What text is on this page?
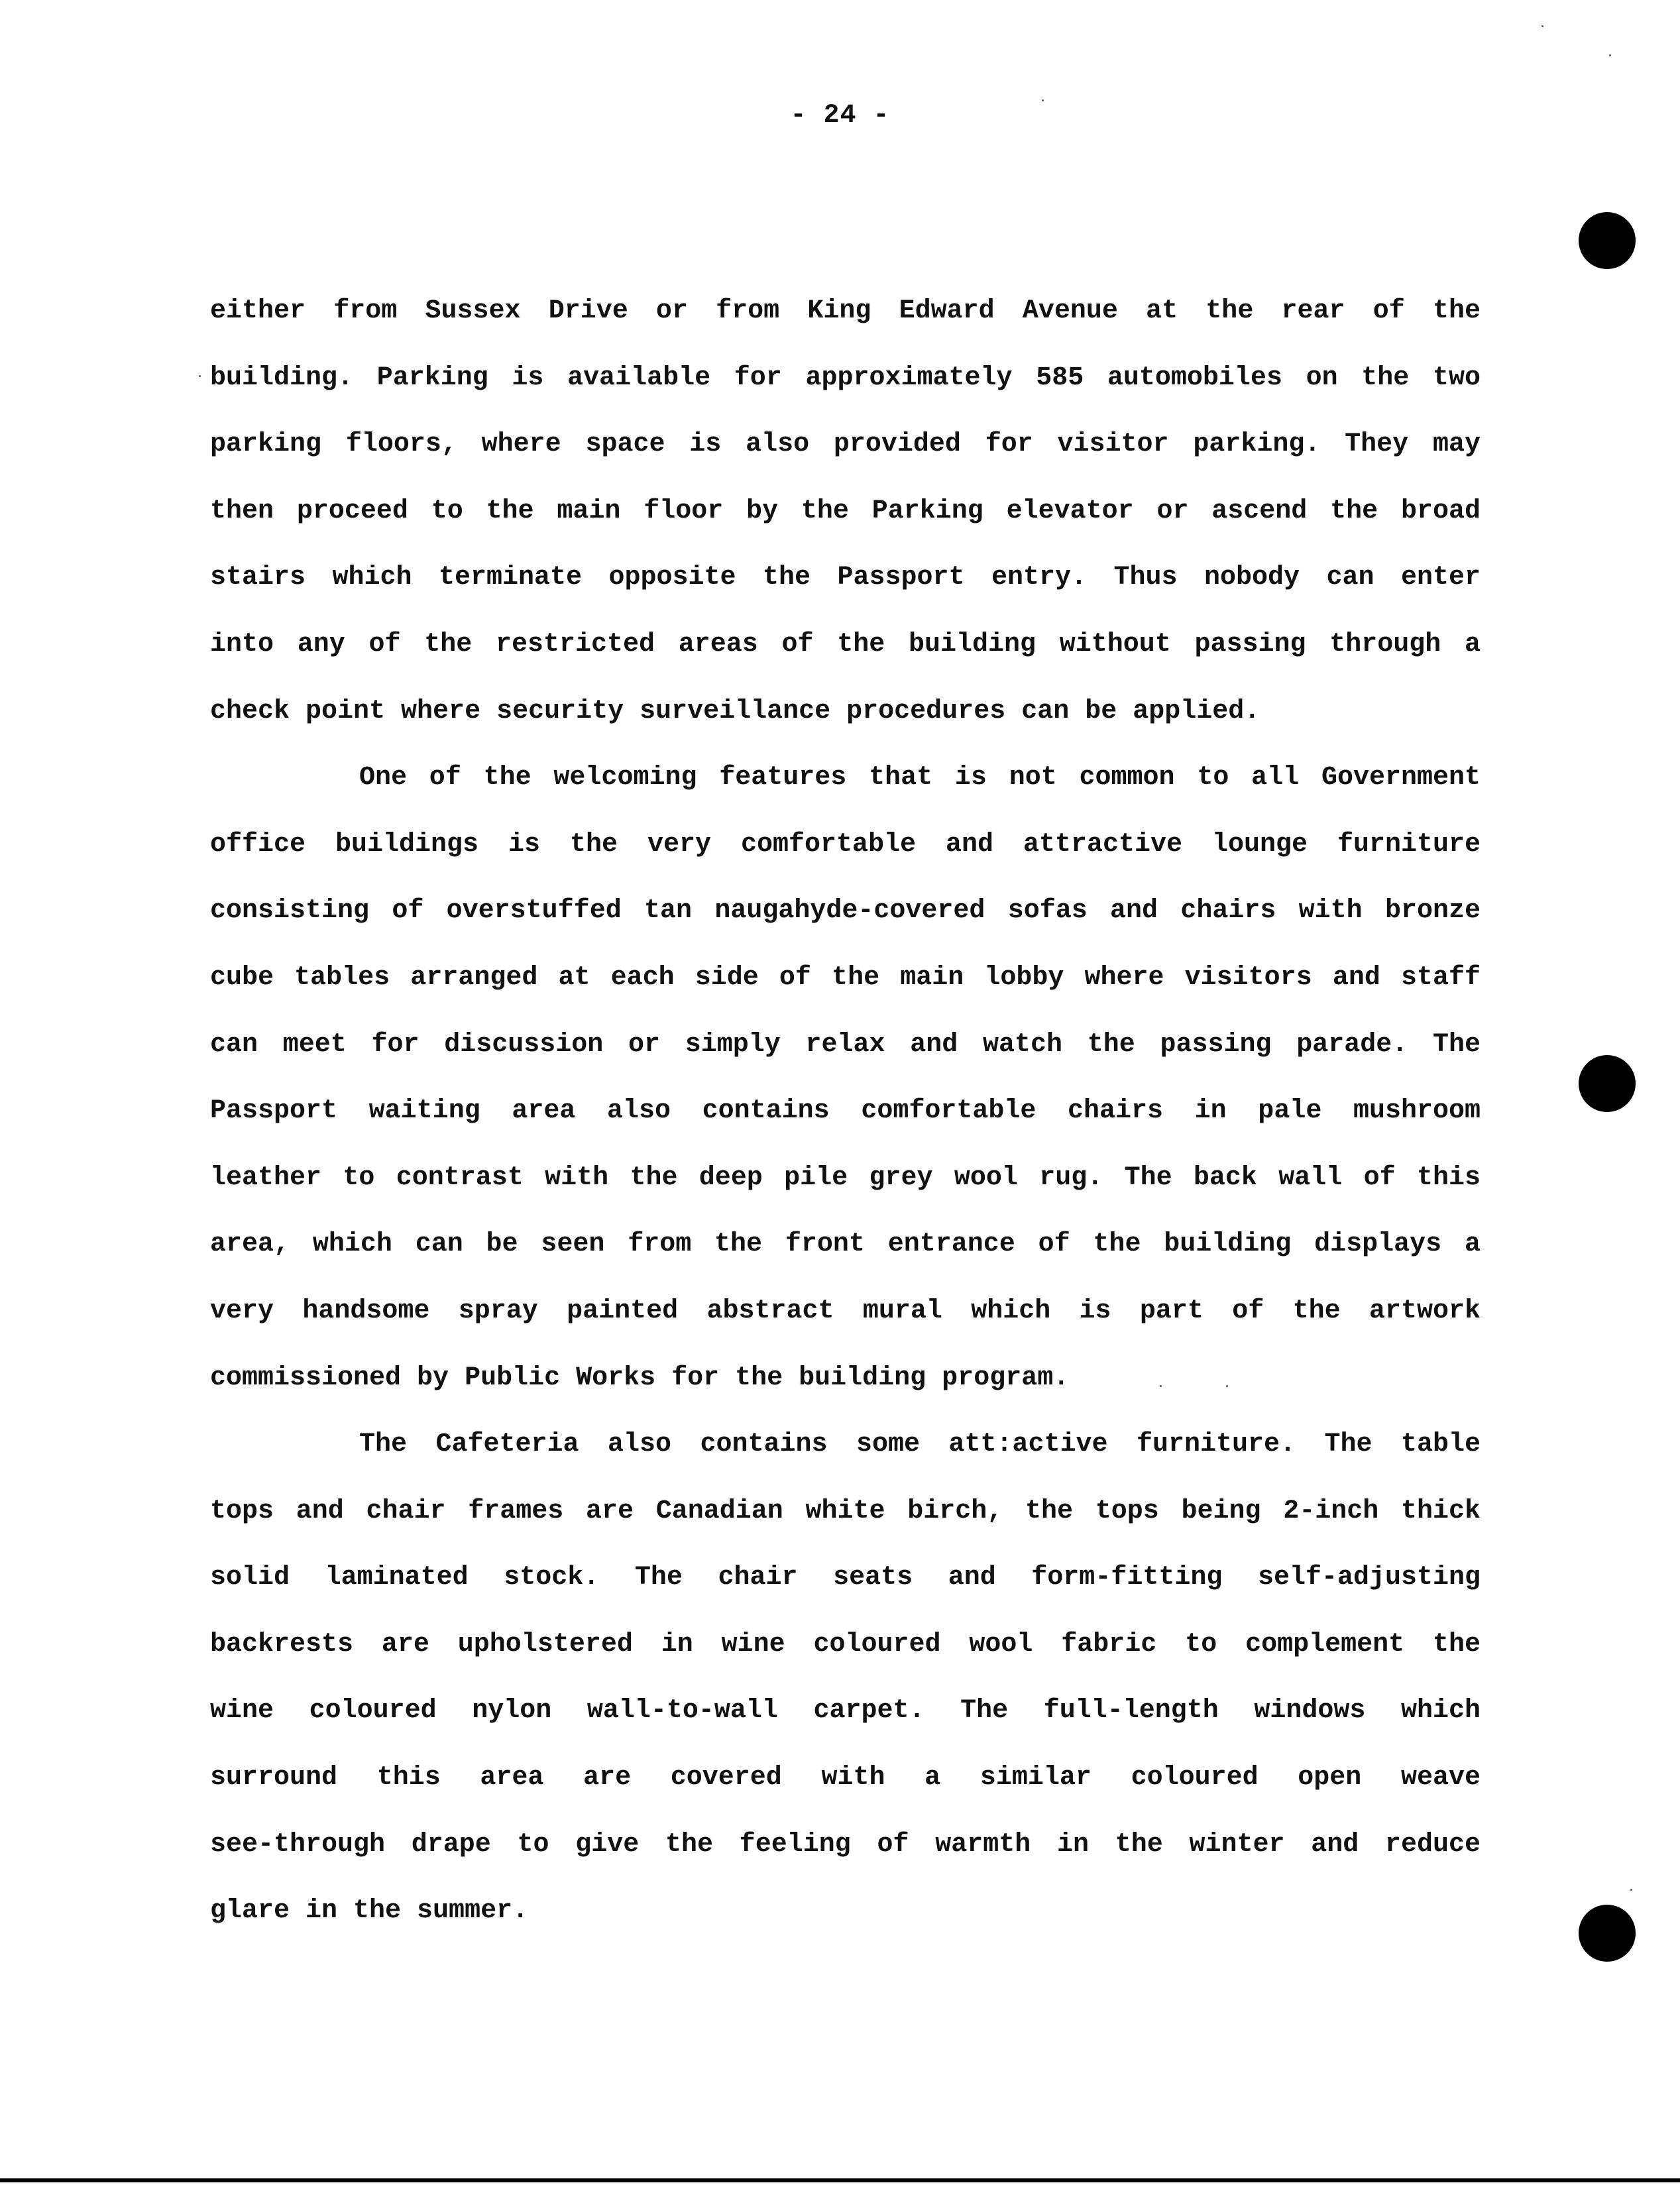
- 24 -
either from Sussex Drive or from King Edward Avenue at the rear of the
building. Parking is available for approximately 585 automobiles on the two
parking floors, where space is also provided for visitor parking. They may
then proceed to the main floor by the Parking elevator or ascend the broad
stairs which terminate opposite the Passport entry. Thus nobody can enter
into any of the restricted areas of the building without passing through a
check point where security surveillance procedures can be applied.
One of the welcoming features that is not common to all Government
office buildings is the very comfortable and attractive lounge furniture
consisting of overstuffed tan naugahyde-covered sofas and chairs with bronze
cube tables arranged at each side of the main lobby where visitors and staff
can meet for discussion or simply relax and watch the passing parade. The
Passport waiting area also contains comfortable chairs in pale mushroom
leather to contrast with the deep pile grey wool rug. The back wall of this
area, which can be seen from the front entrance of the building displays a
very handsome spray painted abstract mural which is part of the artwork
commissioned by Public Works for the building program.
The Cafeteria also contains some att:active furniture. The table
tops and chair frames are Canadian white birch, the tops being 2-inch thick
solid laminated stock. The chair seats and form-fitting self-adjusting
backrests are upholstered in wine coloured wool fabric to complement the
wine coloured nylon wall-to-wall carpet. The full-length windows which
surround this area are covered with a similar coloured open weave
see-through drape to give the feeling of warmth in the winter and reduce
glare in the summer.
